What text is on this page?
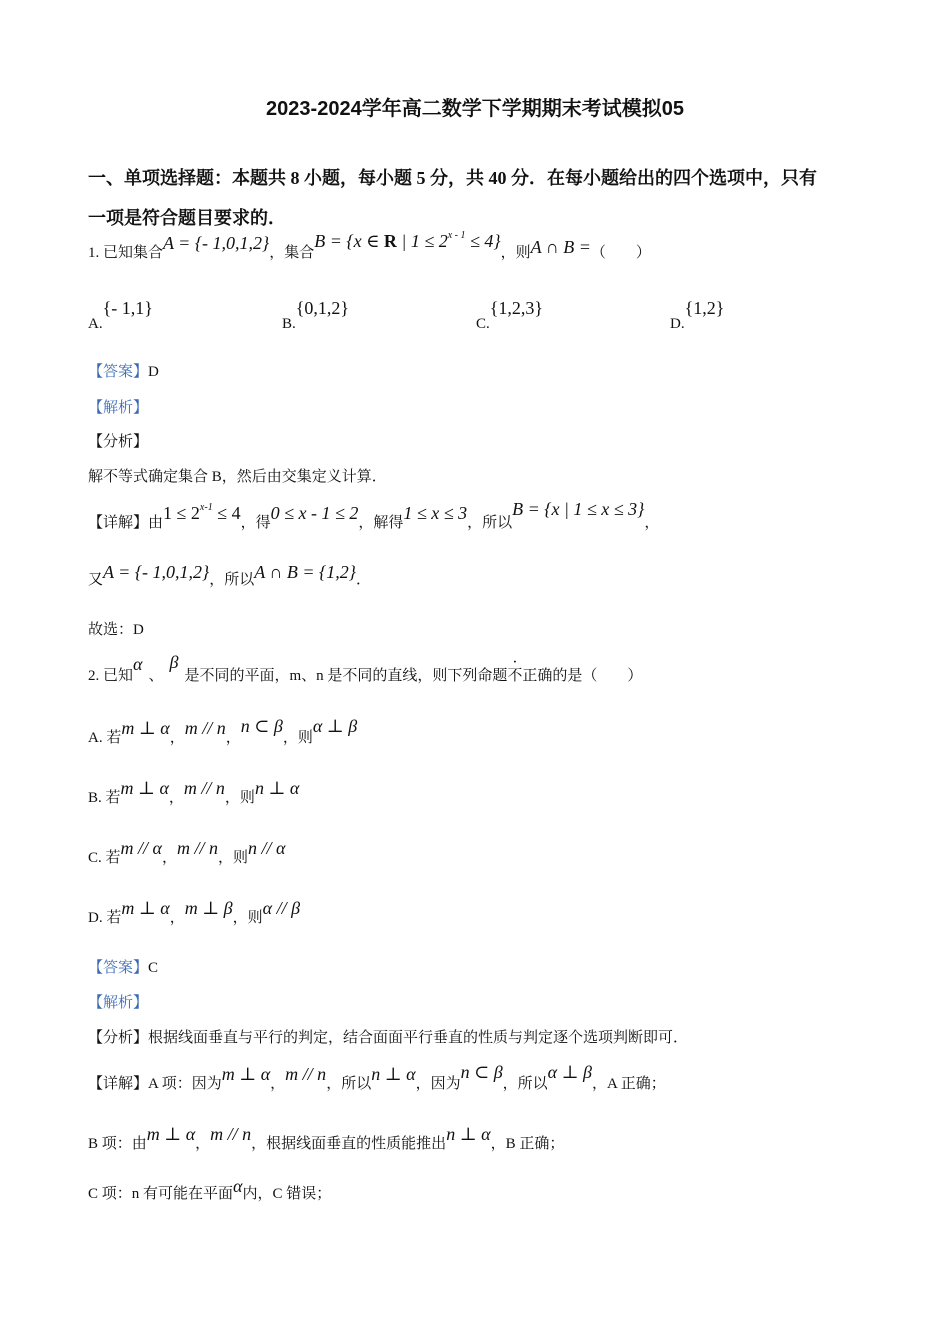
2023-2024学年高二数学下学期期末考试模拟05
一、单项选择题：本题共 8 小题，每小题 5 分，共 40 分．在每小题给出的四个选项中，只有
一项是符合题目要求的．
1. 已知集合A = {- 1,0,1,2}，集合B = {x ∈ R | $1 \le 2^{x - 1} \le 4$}，则A ∩ B =（　　）
A.{- 1,1}
B.{0,1,2}
C.{1,2,3}
D.{1,2}
【答案】D
【解析】
【分析】
解不等式确定集合 B，然后由交集定义计算．
【详解】由$1 \le 2^{x-1} \le 4$，得0 ≤ x - 1 ≤ 2，解得1 ≤ x ≤ 3，所以B = {x | 1 ≤ x ≤ 3}，
又A = {- 1,0,1,2}，所以A ∩ B = {1,2}．
故选：D
2. 已知α、β是不同的平面，m、n 是不同的直线，则下列命题不正确的是（　　）
A. 若m ⊥ α，m // n，n ⊂ β，则α ⊥ β
B. 若m ⊥ α，m // n，则n ⊥ α
C. 若m // α，m // n，则n // α
D. 若m ⊥ α，m ⊥ β，则α // β
【答案】C
【解析】
【分析】根据线面垂直与平行的判定，结合面面平行垂直的性质与判定逐个选项判断即可．
【详解】A 项：因为m ⊥ α，m // n，所以n ⊥ α，因为n ⊂ β，所以α ⊥ β，A 正确；
B 项：由m ⊥ α，m // n，根据线面垂直的性质能推出n ⊥ α，B 正确；
C 项：n 有可能在平面α内，C 错误；
